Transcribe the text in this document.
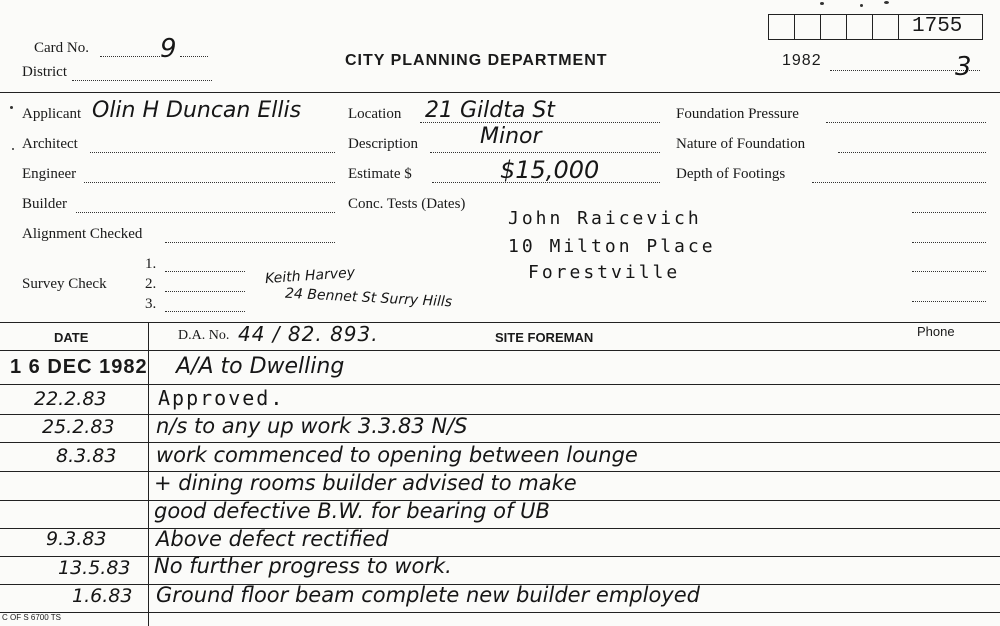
Card No.	9
District
CITY PLANNING DEPARTMENT	1982	3
1755
Applicant Olin H Duncan Ellis
Architect
Engineer
Builder
Alignment Checked
1.
Survey Check	2.
3.
Keith Harvey
24 Bennet St Surry Hills
Location 21 Gildta St
Description	Minor
Estimate $	$15,000
Conc. Tests (Dates)
John Raicevich
10 Milton Place
Forestville
Foundation Pressure
Nature of Foundation
Depth of Footings
DATE	D.A. No. 44 / 82. 893.	SITE FOREMAN	Phone
1 6 DEC 1982 A/A to Dwelling
22.2.83	Approved.
25.2.83 n/s to any up work 3.3.83 N/S
8.3.83 work commenced to opening between lounge
+ dining rooms builder advised to make
good defective B.W. for bearing of UB
9.3.83 Above defect rectified
13.5.83 No further progress to work.
1.6.83 Ground floor beam complete new builder employed
C OF S 6700 TS
